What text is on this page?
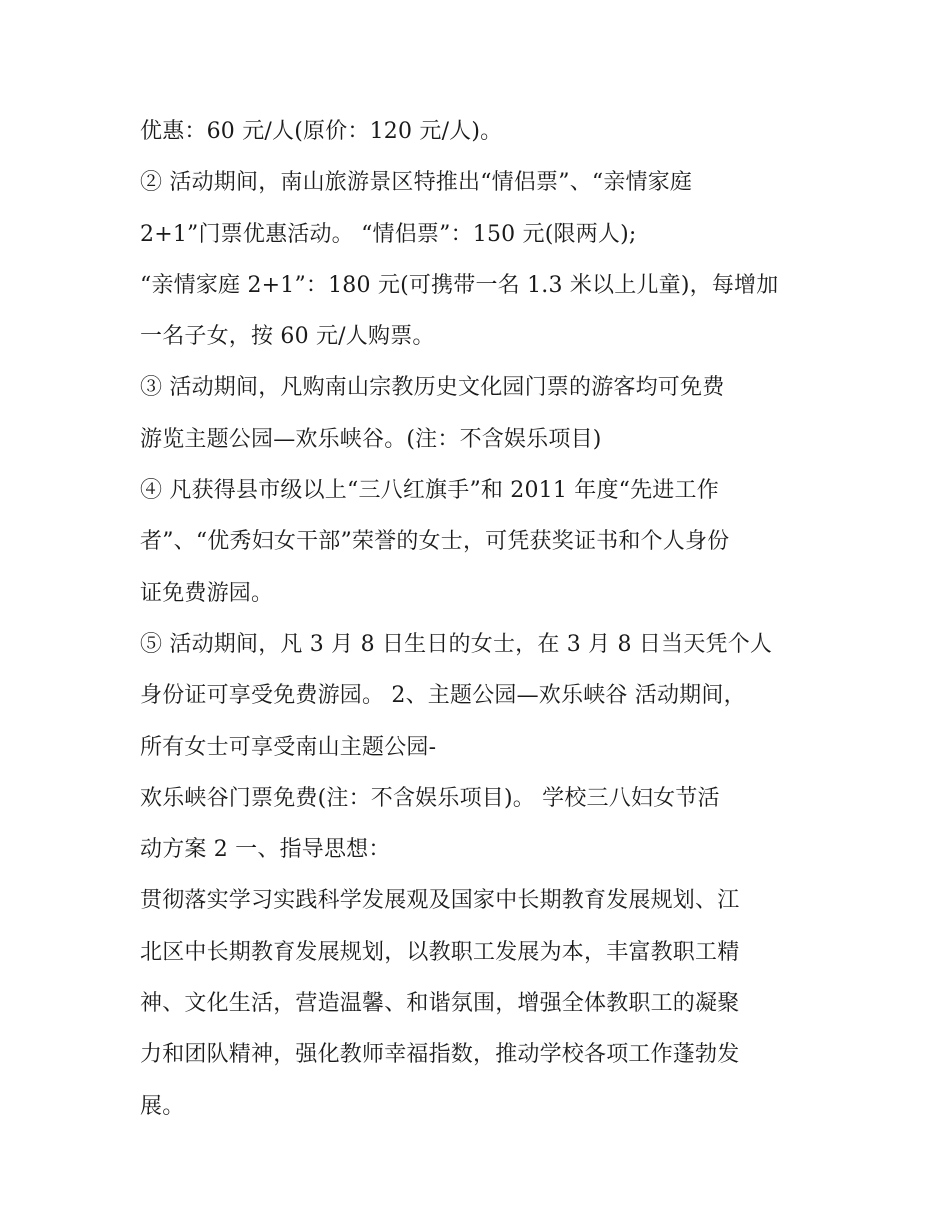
优惠：60 元/人(原价：120 元/人)。
② 活动期间，南山旅游景区特推出“情侣票”、“亲情家庭
2+1”门票优惠活动。 “情侣票”：150 元(限两人);
“亲情家庭 2+1”：180 元(可携带一名 1.3 米以上儿童)，每增加
一名子女，按 60 元/人购票。
③ 活动期间，凡购南山宗教历史文化园门票的游客均可免费
游览主题公园—欢乐峡谷。(注：不含娱乐项目)
④ 凡获得县市级以上“三八红旗手”和 2011 年度“先进工作
者”、“优秀妇女干部”荣誉的女士，可凭获奖证书和个人身份
证免费游园。
⑤ 活动期间，凡 3 月 8 日生日的女士，在 3 月 8 日当天凭个人
身份证可享受免费游园。 2、主题公园—欢乐峡谷 活动期间，
所有女士可享受南山主题公园-
欢乐峡谷门票免费(注：不含娱乐项目)。 学校三八妇女节活
动方案 2 一、指导思想：
贯彻落实学习实践科学发展观及国家中长期教育发展规划、江
北区中长期教育发展规划，以教职工发展为本，丰富教职工精
神、文化生活，营造温馨、和谐氛围，增强全体教职工的凝聚
力和团队精神，强化教师幸福指数，推动学校各项工作蓬勃发
展。
